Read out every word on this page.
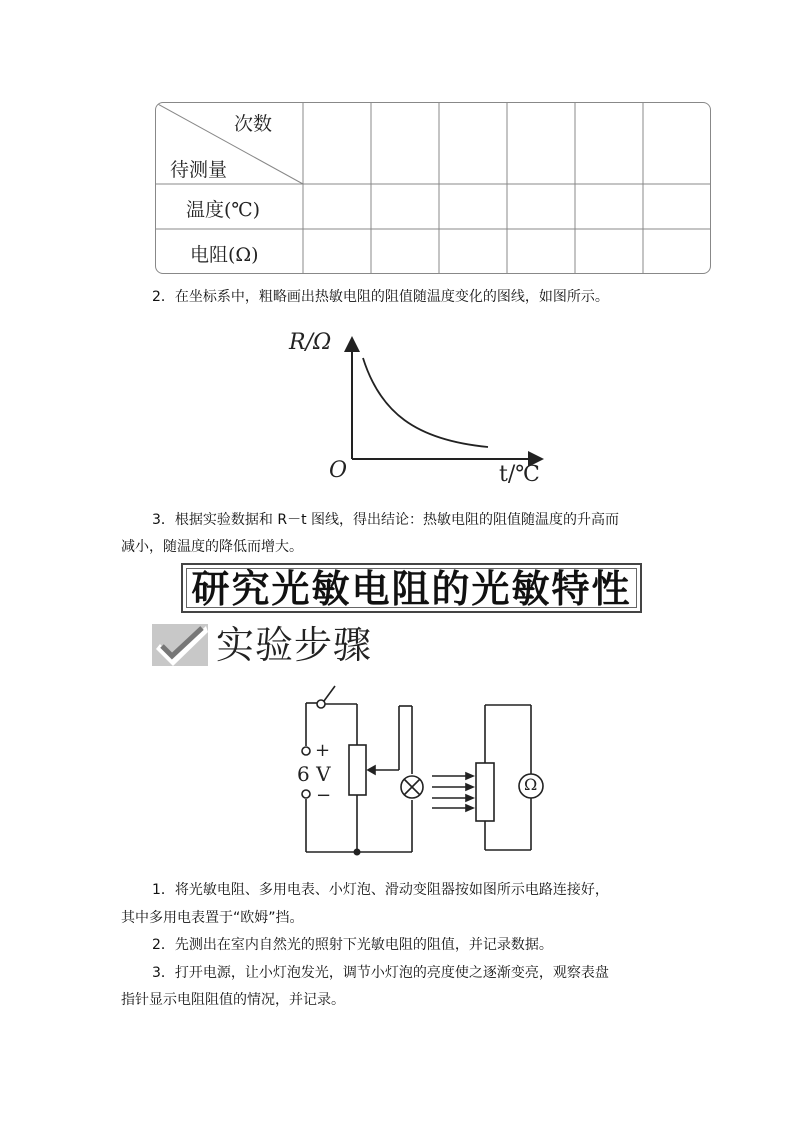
次数
待测量
温度(℃)
电阻(Ω)
2．在坐标系中，粗略画出热敏电阻的阻值随温度变化的图线，如图所示。
R/Ω
O	t/℃
3．根据实验数据和 R－t 图线，得出结论：热敏电阻的阻值随温度的升高而
减小，随温度的降低而增大。
研究光敏电阻的光敏特性
实验步骤
+
6 V
−
Ω
1．将光敏电阻、多用电表、小灯泡、滑动变阻器按如图所示电路连接好，
其中多用电表置于“欧姆”挡。
2．先测出在室内自然光的照射下光敏电阻的阻值，并记录数据。
3．打开电源，让小灯泡发光，调节小灯泡的亮度使之逐渐变亮，观察表盘
指针显示电阻阻值的情况，并记录。
